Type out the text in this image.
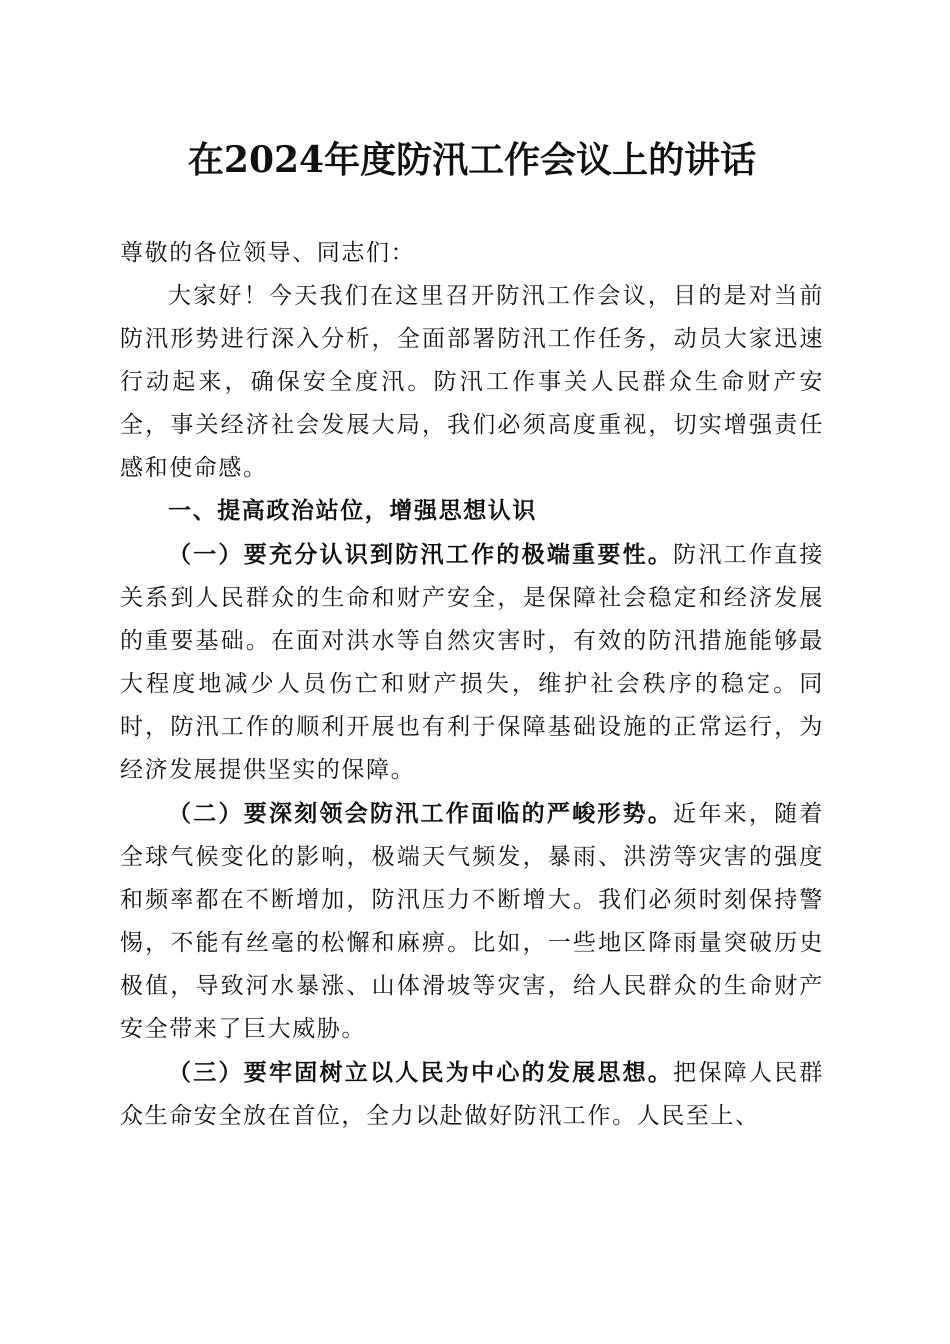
在2024年度防汛工作会议上的讲话

尊敬的各位领导、同志们：

大家好！今天我们在这里召开防汛工作会议，目的是对当前防汛形势进行深入分析，全面部署防汛工作任务，动员大家迅速行动起来，确保安全度汛。防汛工作事关人民群众生命财产安全，事关经济社会发展大局，我们必须高度重视，切实增强责任感和使命感。

一、提高政治站位，增强思想认识

（一）要充分认识到防汛工作的极端重要性。防汛工作直接关系到人民群众的生命和财产安全，是保障社会稳定和经济发展的重要基础。在面对洪水等自然灾害时，有效的防汛措施能够最大程度地减少人员伤亡和财产损失，维护社会秩序的稳定。同时，防汛工作的顺利开展也有利于保障基础设施的正常运行，为经济发展提供坚实的保障。

（二）要深刻领会防汛工作面临的严峻形势。近年来，随着全球气候变化的影响，极端天气频发，暴雨、洪涝等灾害的强度和频率都在不断增加，防汛压力不断增大。我们必须时刻保持警惕，不能有丝毫的松懈和麻痹。比如，一些地区降雨量突破历史极值，导致河水暴涨、山体滑坡等灾害，给人民群众的生命财产安全带来了巨大威胁。

（三）要牢固树立以人民为中心的发展思想。把保障人民群众生命安全放在首位，全力以赴做好防汛工作。人民至上、
